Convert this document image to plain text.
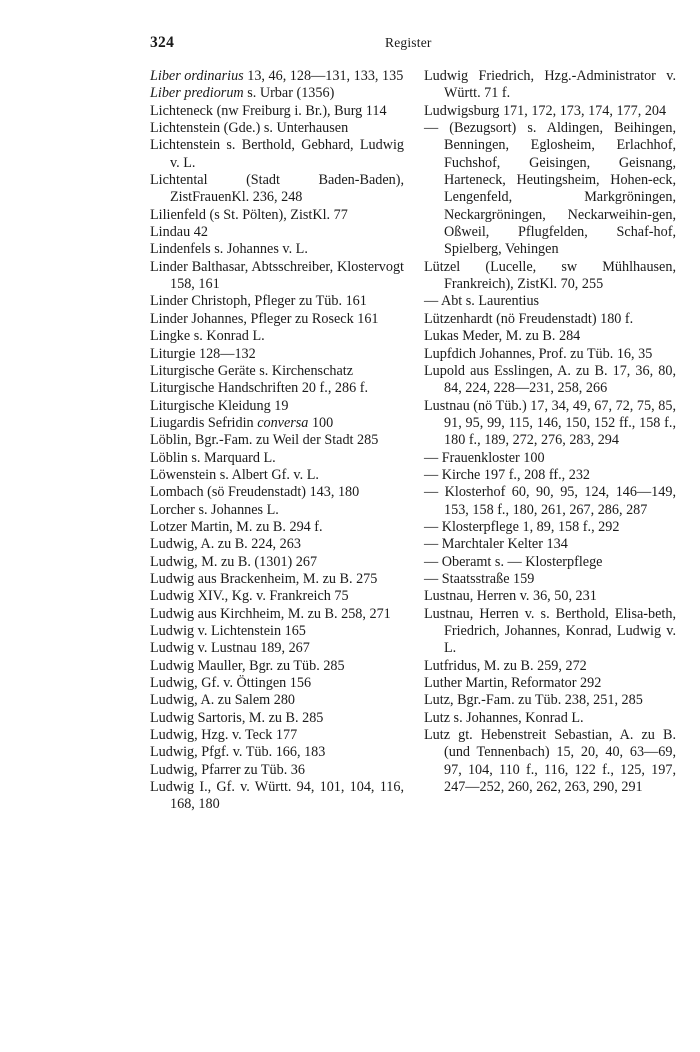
324	Register

Liber ordinarius 13, 46, 128—131, 133, 135

Liber prediorum s. Urbar (1356)

Lichteneck (nw Freiburg i. Br.), Burg 114

Lichtenstein (Gde.) s. Unterhausen

Lichtenstein s. Berthold, Gebhard, Ludwig v. L.

Lichtental (Stadt Baden-Baden), ZistFrauenKl. 236, 248

Lilienfeld (s St. Pölten), ZistKl. 77

Lindau 42

Lindenfels s. Johannes v. L.

Linder Balthasar, Abtsschreiber, Klostervogt 158, 161

Linder Christoph, Pfleger zu Tüb. 161

Linder Johannes, Pfleger zu Roseck 161

Lingke s. Konrad L.

Liturgie 128—132

Liturgische Geräte s. Kirchenschatz

Liturgische Handschriften 20 f., 286 f.

Liturgische Kleidung 19

Liugardis Sefridin conversa 100

Löblin, Bgr.-Fam. zu Weil der Stadt 285

Löblin s. Marquard L.

Löwenstein s. Albert Gf. v. L.

Lombach (sö Freudenstadt) 143, 180

Lorcher s. Johannes L.

Lotzer Martin, M. zu B. 294 f.

Ludwig, A. zu B. 224, 263

Ludwig, M. zu B. (1301) 267

Ludwig aus Brackenheim, M. zu B. 275

Ludwig XIV., Kg. v. Frankreich 75

Ludwig aus Kirchheim, M. zu B. 258, 271

Ludwig v. Lichtenstein 165

Ludwig v. Lustnau 189, 267

Ludwig Mauller, Bgr. zu Tüb. 285

Ludwig, Gf. v. Öttingen 156

Ludwig, A. zu Salem 280

Ludwig Sartoris, M. zu B. 285

Ludwig, Hzg. v. Teck 177

Ludwig, Pfgf. v. Tüb. 166, 183

Ludwig, Pfarrer zu Tüb. 36

Ludwig I., Gf. v. Württ. 94, 101, 104, 116, 168, 180

Ludwig Friedrich, Hzg.-Administrator v. Württ. 71 f.

Ludwigsburg 171, 172, 173, 174, 177, 204

— (Bezugsort) s. Aldingen, Beihingen, Benningen, Eglosheim, Erlachhof, Fuchshof, Geisingen, Geisnang, Harteneck, Heutingsheim, Hohen-eck, Lengenfeld, Markgröningen, Neckargröningen, Neckarweihin-gen, Oßweil, Pflugfelden, Schaf-hof, Spielberg, Vehingen

Lützel (Lucelle, sw Mühlhausen, Frankreich), ZistKl. 70, 255

— Abt s. Laurentius

Lützenhardt (nö Freudenstadt) 180 f.

Lukas Meder, M. zu B. 284

Lupfdich Johannes, Prof. zu Tüb. 16, 35

Lupold aus Esslingen, A. zu B. 17, 36, 80, 84, 224, 228—231, 258, 266

Lustnau (nö Tüb.) 17, 34, 49, 67, 72, 75, 85, 91, 95, 99, 115, 146, 150, 152 ff., 158 f., 180 f., 189, 272, 276, 283, 294

— Frauenkloster 100

— Kirche 197 f., 208 ff., 232

— Klosterhof 60, 90, 95, 124, 146—149, 153, 158 f., 180, 261, 267, 286, 287

— Klosterpflege 1, 89, 158 f., 292

— Marchtaler Kelter 134

— Oberamt s. — Klosterpflege

— Staatsstraße 159

Lustnau, Herren v. 36, 50, 231

Lustnau, Herren v. s. Berthold, Elisa-beth, Friedrich, Johannes, Konrad, Ludwig v. L.

Lutfridus, M. zu B. 259, 272

Luther Martin, Reformator 292

Lutz, Bgr.-Fam. zu Tüb. 238, 251, 285

Lutz s. Johannes, Konrad L.

Lutz gt. Hebenstreit Sebastian, A. zu B. (und Tennenbach) 15, 20, 40, 63—69, 97, 104, 110 f., 116, 122 f., 125, 197, 247—252, 260, 262, 263, 290, 291
